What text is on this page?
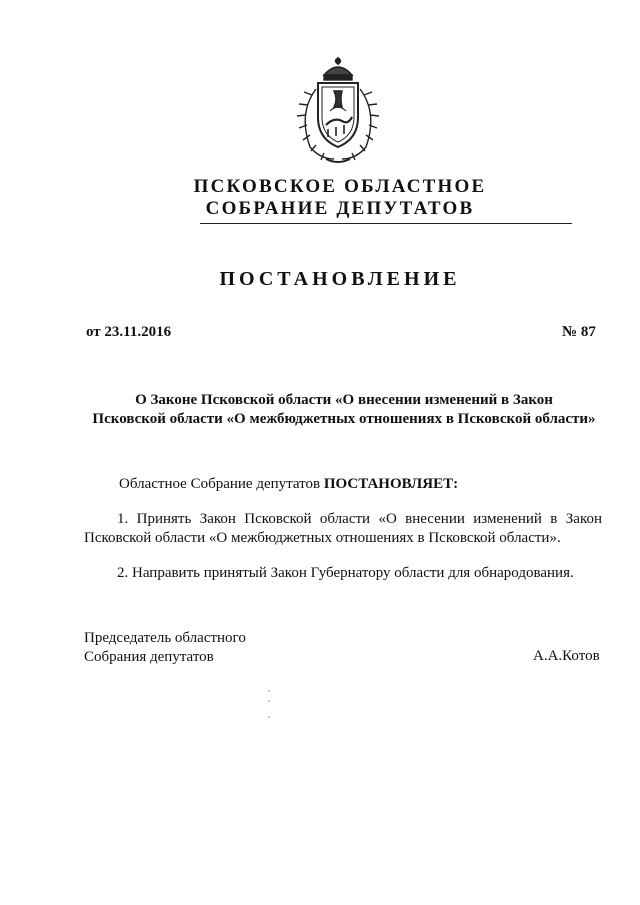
ПСКОВСКОЕ ОБЛАСТНОЕ
СОБРАНИЕ ДЕПУТАТОВ
ПОСТАНОВЛЕНИЕ
от 23.11.2016	№ 87
О Законе Псковской области «О внесении изменений в Закон
Псковской области «О межбюджетных отношениях в Псковской области»
Областное Собрание депутатов ПОСТАНОВЛЯЕТ:
1. Принять Закон Псковской области «О внесении изменений в Закон Псковской области «О межбюджетных отношениях в Псковской области».
2. Направить принятый Закон Губернатору области для обнародования.
Председатель областного
Собрания депутатов	А.А.Котов
